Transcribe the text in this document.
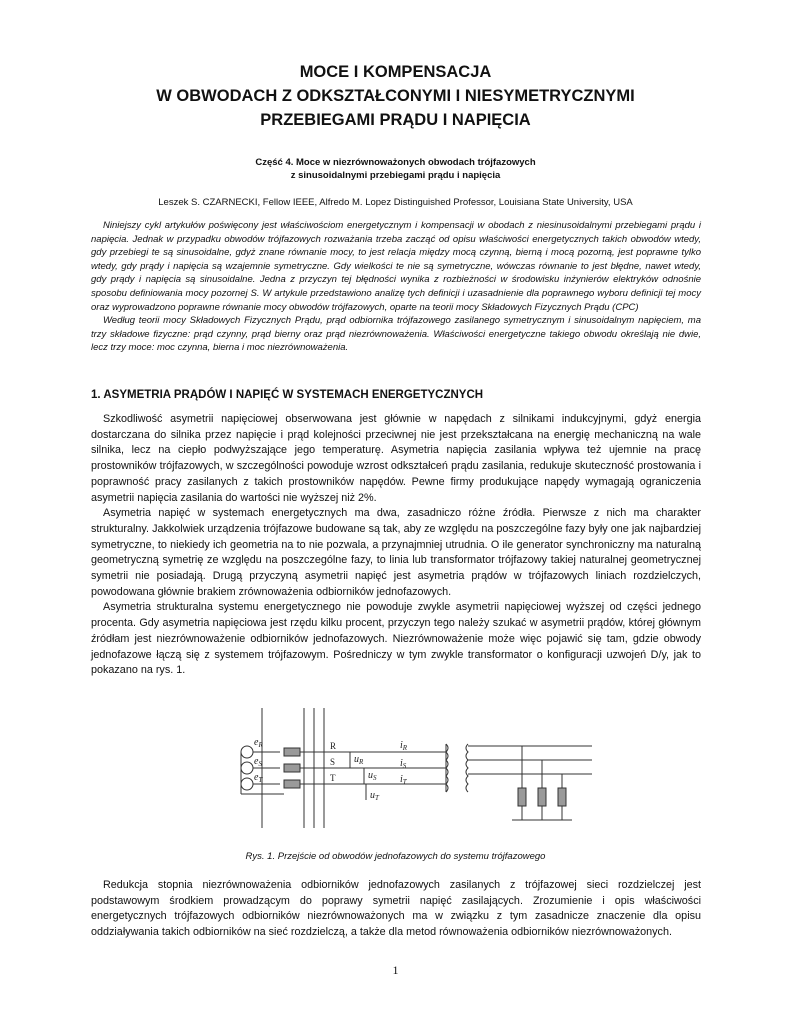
MOCE I KOMPENSACJA
W OBWODACH Z ODKSZTAŁCONYMI I NIESYMETRYCZNYMI
PRZEBIEGAMI PRĄDU I NAPIĘCIA
Część 4. Moce w niezrównoważonych obwodach trójfazowych
z sinusoidalnymi przebiegami prądu i napięcia
Leszek S. CZARNECKI, Fellow IEEE, Alfredo M. Lopez Distinguished Professor, Louisiana State University, USA

Niniejszy cykl artykułów poświęcony jest właściwościom energetycznym i kompensacji w obodach z niesinusoidalnymi przebiegami prądu i napięcia. Jednak w przypadku obwodów trójfazowych rozważania trzeba zacząć od opisu właściwości energetycznych takich obwodów wtedy, gdy przebiegi te są sinusoidalne, gdyż znane równanie mocy, to jest relacja między mocą czynną, bierną i mocą pozorną, jest poprawne tylko wtedy, gdy prądy i napięcia są wzajemnie symetryczne. Gdy wielkości te nie są symetryczne, wówczas równanie to jest błędne, nawet wtedy, gdy prądy i napięcia są sinusoidalne. Jedna z przyczyn tej błędności wynika z rozbieżności w środowisku inżynierów elektryków odnośnie sposobu definiowania mocy pozornej S. W artykule przedstawiono analizę tych definicji i uzasadnienie dla poprawnego wyboru definicji tej mocy oraz wyprowadzono poprawne równanie mocy obwodów trójfazowych, oparte na teorii mocy Składowych Fizycznych Prądu (CPC)

Według teorii mocy Składowych Fizycznych Prądu, prąd odbiornika trójfazowego zasilanego symetrycznym i sinusoidalnym napięciem, ma trzy składowe fizyczne: prąd czynny, prąd bierny oraz prąd niezrównoważenia. Właściwości energetyczne takiego obwodu określają nie dwie, lecz trzy moce: moc czynna, bierna i moc niezrównoważenia.

1. ASYMETRIA PRĄDÓW I NAPIĘĆ W SYSTEMACH ENERGETYCZNYCH

Szkodliwość asymetrii napięciowej obserwowana jest głównie w napędach z silnikami indukcyjnymi, gdyż energia dostarczana do silnika przez napięcie i prąd kolejności przeciwnej nie jest przekształcana na energię mechaniczną na wale silnika, lecz na ciepło podwyższające jego temperaturę. Asymetria napięcia zasilania wpływa też ujemnie na pracę prostowników trójfazowych, w szczególności powoduje wzrost odkształceń prądu zasilania, redukuje skuteczność prostowania i poprawność pracy zasilanych z takich prostowników napędów. Pewne firmy produkujące napędy wymagają ograniczenia asymetrii napięcia zasilania do wartości nie wyższej niż 2%.

Asymetria napięć w systemach energetycznych ma dwa, zasadniczo różne źródła. Pierwsze z nich ma charakter strukturalny. Jakkolwiek urządzenia trójfazowe budowane są tak, aby ze względu na poszczególne fazy były one jak najbardziej symetryczne, to niekiedy ich geometria na to nie pozwala, a przynajmniej utrudnia. O ile generator synchroniczny ma naturalną geometryczną symetrię ze względu na poszczególne fazy, to linia lub transformator trójfazowy takiej naturalnej geometrycznej symetrii nie posiadają. Drugą przyczyną asymetrii napięć jest asymetria prądów w trójfazowych liniach rozdzielczych, powodowana głównie brakiem zrównoważenia odbiorników jednofazowych.

Asymetria strukturalna systemu energetycznego nie powoduje zwykle asymetrii napięciowej wyższej od części jednego procenta. Gdy asymetria napięciowa jest rzędu kilku procent, przyczyn tego należy szukać w asymetrii prądów, której głównym źródłam jest niezrównoważenie odbiorników jednofazowych. Niezrównoważenie może więc pojawić się tam, gdzie obwody jednofazowe łączą się z systemem trójfazowym. Pośredniczy w tym zwykle transformator o konfiguracji uzwojeń D/y, jak to pokazano na rys. 1.

$e_R$
$e_S$
$e_T$
$u_R$
$u_S$
$u_T$
$i_R$
$i_S$
$i_T$
R
S
T
Rys. 1. Przejście od obwodów jednofazowych do systemu trójfazowego

Redukcja stopnia niezrównoważenia odbiorników jednofazowych zasilanych z trójfazowej sieci rozdzielczej jest podstawowym środkiem prowadzącym do poprawy symetrii napięć zasilających. Zrozumienie i opis właściwości energetycznych trójfazowych odbiorników niezrównoważonych ma w związku z tym zasadnicze znaczenie dla opisu oddziaływania takich odbiorników na sieć rozdzielczą, a także dla metod równoważenia odbiorników niezrównoważonych.

1
